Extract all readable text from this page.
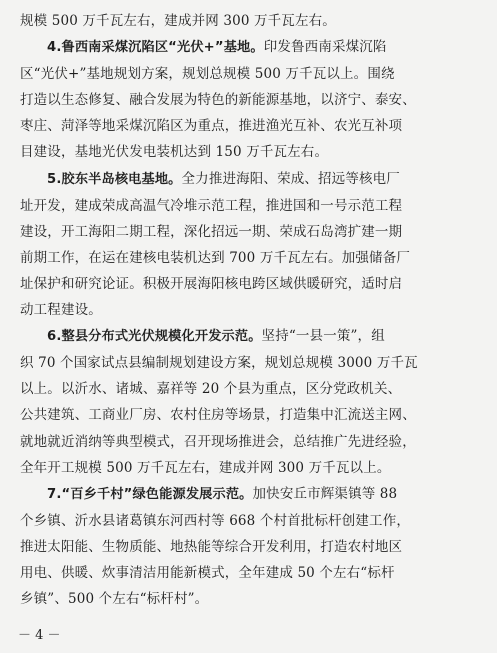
规模 500 万千瓦左右，建成并网 300 万千瓦左右。

4.鲁西南采煤沉陷区“光伏+”基地。印发鲁西南采煤沉陷
区“光伏+”基地规划方案，规划总规模 500 万千瓦以上。围绕
打造以生态修复、融合发展为特色的新能源基地，以济宁、泰安、
枣庄、菏泽等地采煤沉陷区为重点，推进渔光互补、农光互补项
目建设，基地光伏发电装机达到 150 万千瓦左右。

5.胶东半岛核电基地。全力推进海阳、荣成、招远等核电厂
址开发，建成荣成高温气冷堆示范工程，推进国和一号示范工程
建设，开工海阳二期工程，深化招远一期、荣成石岛湾扩建一期
前期工作，在运在建核电装机达到 700 万千瓦左右。加强储备厂
址保护和研究论证。积极开展海阳核电跨区域供暖研究，适时启
动工程建设。

6.整县分布式光伏规模化开发示范。坚持“一县一策”，组
织 70 个国家试点县编制规划建设方案，规划总规模 3000 万千瓦
以上。以沂水、诸城、嘉祥等 20 个县为重点，区分党政机关、
公共建筑、工商业厂房、农村住房等场景，打造集中汇流送主网、
就地就近消纳等典型模式，召开现场推进会，总结推广先进经验，
全年开工规模 500 万千瓦左右，建成并网 300 万千瓦以上。

7.“百乡千村”绿色能源发展示范。加快安丘市辉渠镇等 88
个乡镇、沂水县诸葛镇东河西村等 668 个村首批标杆创建工作，
推进太阳能、生物质能、地热能等综合开发利用，打造农村地区
用电、供暖、炊事清洁用能新模式，全年建成 50 个左右“标杆
乡镇”、500 个左右“标杆村”。

－ 4 －
